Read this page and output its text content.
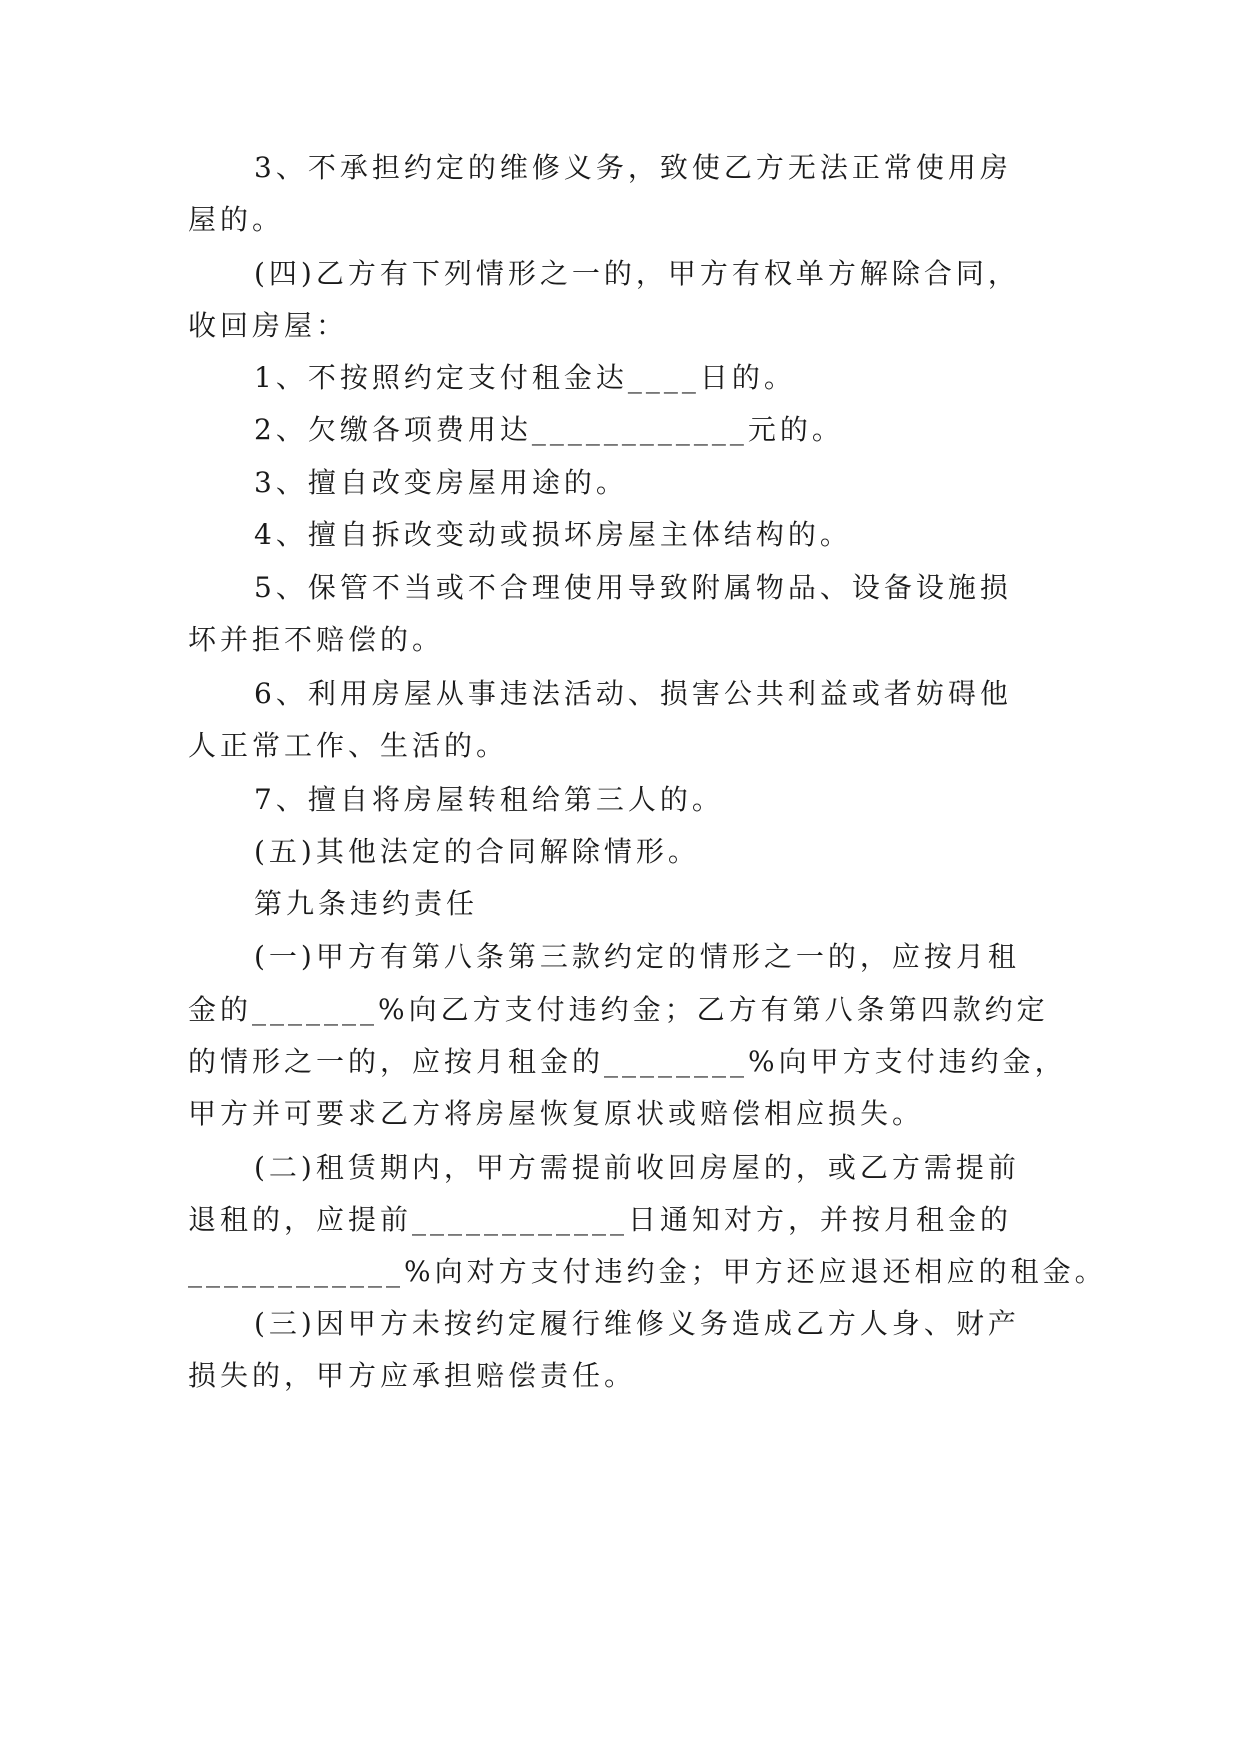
3、不承担约定的维修义务，致使乙方无法正常使用房
屋的。
(四)乙方有下列情形之一的，甲方有权单方解除合同，
收回房屋：
1、不按照约定支付租金达____日的。
2、欠缴各项费用达____________元的。
3、擅自改变房屋用途的。
4、擅自拆改变动或损坏房屋主体结构的。
5、保管不当或不合理使用导致附属物品、设备设施损
坏并拒不赔偿的。
6、利用房屋从事违法活动、损害公共利益或者妨碍他
人正常工作、生活的。
7、擅自将房屋转租给第三人的。
(五)其他法定的合同解除情形。
第九条违约责任
(一)甲方有第八条第三款约定的情形之一的，应按月租
金的_______%向乙方支付违约金；乙方有第八条第四款约定
的情形之一的，应按月租金的________%向甲方支付违约金，
甲方并可要求乙方将房屋恢复原状或赔偿相应损失。
(二)租赁期内，甲方需提前收回房屋的，或乙方需提前
退租的，应提前____________日通知对方，并按月租金的
____________%向对方支付违约金；甲方还应退还相应的租金。
(三)因甲方未按约定履行维修义务造成乙方人身、财产
损失的，甲方应承担赔偿责任。
